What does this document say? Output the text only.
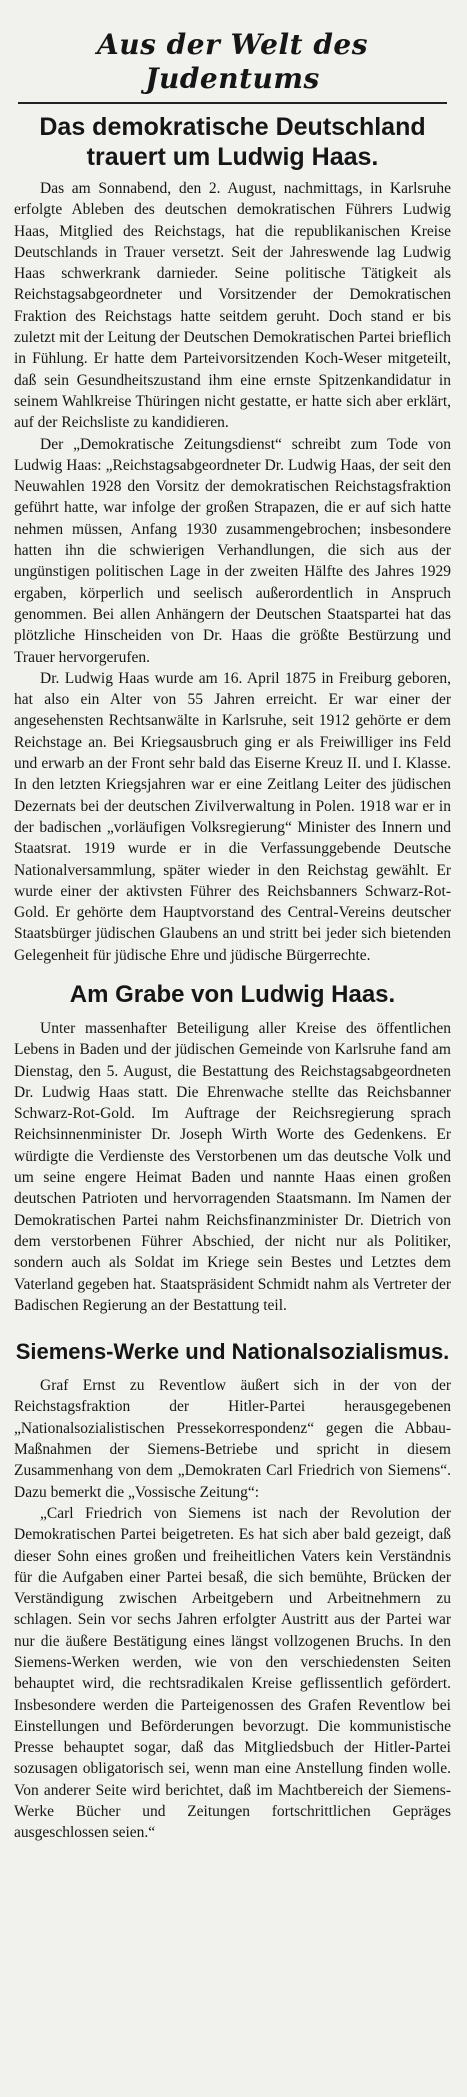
Aus der Welt des Judentums
Das demokratische Deutschland trauert um Ludwig Haas.

Das am Sonnabend, den 2. August, nachmittags, in Karlsruhe erfolgte Ableben des deutschen demokratischen Führers Ludwig Haas, Mitglied des Reichstags, hat die republikanischen Kreise Deutschlands in Trauer versetzt. Seit der Jahreswende lag Ludwig Haas schwerkrank darnieder. Seine politische Tätigkeit als Reichstagsabgeordneter und Vorsitzender der Demokratischen Fraktion des Reichstags hatte seitdem geruht. Doch stand er bis zuletzt mit der Leitung der Deutschen Demokratischen Partei brieflich in Fühlung. Er hatte dem Parteivorsitzenden Koch-Weser mitgeteilt, daß sein Gesundheitszustand ihm eine ernste Spitzenkandidatur in seinem Wahlkreise Thüringen nicht gestatte, er hatte sich aber erklärt, auf der Reichsliste zu kandidieren.

Der „Demokratische Zeitungsdienst“ schreibt zum Tode von Ludwig Haas: „Reichstagsabgeordneter Dr. Ludwig Haas, der seit den Neuwahlen 1928 den Vorsitz der demokratischen Reichstagsfraktion geführt hatte, war infolge der großen Strapazen, die er auf sich hatte nehmen müssen, Anfang 1930 zusammengebrochen; insbesondere hatten ihn die schwierigen Verhandlungen, die sich aus der ungünstigen politischen Lage in der zweiten Hälfte des Jahres 1929 ergaben, körperlich und seelisch außerordentlich in Anspruch genommen. Bei allen Anhängern der Deutschen Staatspartei hat das plötzliche Hinscheiden von Dr. Haas die größte Bestürzung und Trauer hervorgerufen.

Dr. Ludwig Haas wurde am 16. April 1875 in Freiburg geboren, hat also ein Alter von 55 Jahren erreicht. Er war einer der angesehensten Rechtsanwälte in Karlsruhe, seit 1912 gehörte er dem Reichstage an. Bei Kriegsausbruch ging er als Freiwilliger ins Feld und erwarb an der Front sehr bald das Eiserne Kreuz II. und I. Klasse. In den letzten Kriegsjahren war er eine Zeitlang Leiter des jüdischen Dezernats bei der deutschen Zivilverwaltung in Polen. 1918 war er in der badischen „vorläufigen Volksregierung“ Minister des Innern und Staatsrat. 1919 wurde er in die Verfassunggebende Deutsche Nationalversammlung, später wieder in den Reichstag gewählt. Er wurde einer der aktivsten Führer des Reichsbanners Schwarz-Rot-Gold. Er gehörte dem Hauptvorstand des Central-Vereins deutscher Staatsbürger jüdischen Glaubens an und stritt bei jeder sich bietenden Gelegenheit für jüdische Ehre und jüdische Bürgerrechte.

Am Grabe von Ludwig Haas.

Unter massenhafter Beteiligung aller Kreise des öffentlichen Lebens in Baden und der jüdischen Gemeinde von Karlsruhe fand am Dienstag, den 5. August, die Bestattung des Reichstagsabgeordneten Dr. Ludwig Haas statt. Die Ehrenwache stellte das Reichsbanner Schwarz-Rot-Gold. Im Auftrage der Reichsregierung sprach Reichsinnenminister Dr. Joseph Wirth Worte des Gedenkens. Er würdigte die Verdienste des Verstorbenen um das deutsche Volk und um seine engere Heimat Baden und nannte Haas einen großen deutschen Patrioten und hervorragenden Staatsmann. Im Namen der Demokratischen Partei nahm Reichsfinanzminister Dr. Dietrich von dem verstorbenen Führer Abschied, der nicht nur als Politiker, sondern auch als Soldat im Kriege sein Bestes und Letztes dem Vaterland gegeben hat. Staatspräsident Schmidt nahm als Vertreter der Badischen Regierung an der Bestattung teil.

Siemens-Werke und Nationalsozialismus.

Graf Ernst zu Reventlow äußert sich in der von der Reichstagsfraktion der Hitler-Partei herausgegebenen „Nationalsozialistischen Pressekorrespondenz“ gegen die Abbau-Maßnahmen der Siemens-Betriebe und spricht in diesem Zusammenhang von dem „Demokraten Carl Friedrich von Siemens“. Dazu bemerkt die „Vossische Zeitung“:

„Carl Friedrich von Siemens ist nach der Revolution der Demokratischen Partei beigetreten. Es hat sich aber bald gezeigt, daß dieser Sohn eines großen und freiheitlichen Vaters kein Verständnis für die Aufgaben einer Partei besaß, die sich bemühte, Brücken der Verständigung zwischen Arbeitgebern und Arbeitnehmern zu schlagen. Sein vor sechs Jahren erfolgter Austritt aus der Partei war nur die äußere Bestätigung eines längst vollzogenen Bruchs. In den Siemens-Werken werden, wie von den verschiedensten Seiten behauptet wird, die rechtsradikalen Kreise geflissentlich gefördert. Insbesondere werden die Parteigenossen des Grafen Reventlow bei Einstellungen und Beförderungen bevorzugt. Die kommunistische Presse behauptet sogar, daß das Mitgliedsbuch der Hitler-Partei sozusagen obligatorisch sei, wenn man eine Anstellung finden wolle. Von anderer Seite wird berichtet, daß im Machtbereich der Siemens-Werke Bücher und Zeitungen fortschrittlichen Gepräges ausgeschlossen seien.“
